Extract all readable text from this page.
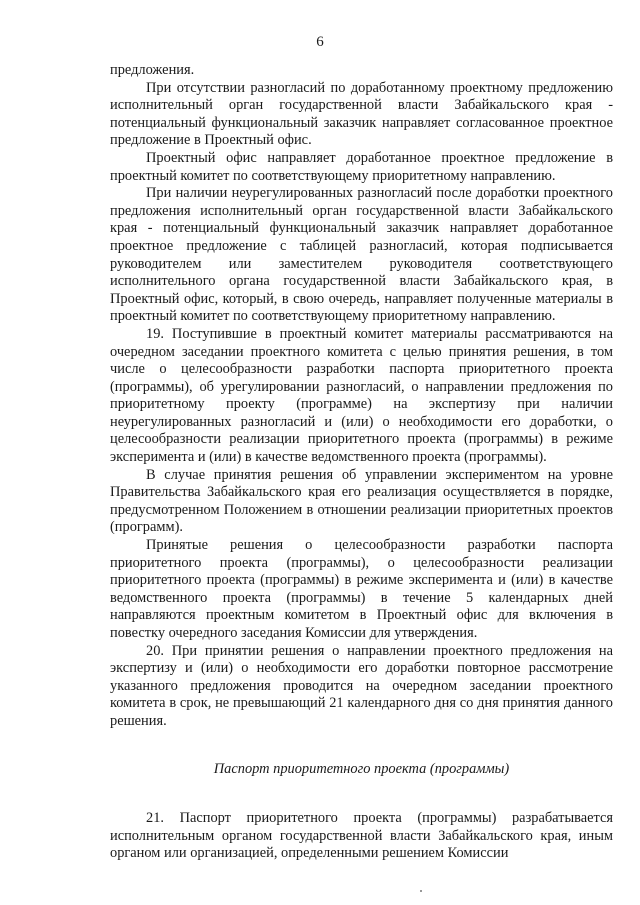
6

предложения.

При отсутствии разногласий по доработанному проектному предложению исполнительный орган государственной власти Забайкальского края - потенциальный функциональный заказчик направляет согласованное проектное предложение в Проектный офис.

Проектный офис направляет доработанное проектное предложение в проектный комитет по соответствующему приоритетному направлению.

При наличии неурегулированных разногласий после доработки проектного предложения исполнительный орган государственной власти Забайкальского края - потенциальный функциональный заказчик направляет доработанное проектное предложение с таблицей разногласий, которая подписывается руководителем или заместителем руководителя соответствующего исполнительного органа государственной власти Забайкальского края, в Проектный офис, который, в свою очередь, направляет полученные материалы в проектный комитет по соответствующему приоритетному направлению.

19. Поступившие в проектный комитет материалы рассматриваются на очередном заседании проектного комитета с целью принятия решения, в том числе о целесообразности разработки паспорта приоритетного проекта (программы), об урегулировании разногласий, о направлении предложения по приоритетному проекту (программе) на экспертизу при наличии неурегулированных разногласий и (или) о необходимости его доработки, о целесообразности реализации приоритетного проекта (программы) в режиме эксперимента и (или) в качестве ведомственного проекта (программы).

В случае принятия решения об управлении экспериментом на уровне Правительства Забайкальского края его реализация осуществляется в порядке, предусмотренном Положением в отношении реализации приоритетных проектов (программ).

Принятые решения о целесообразности разработки паспорта приоритетного проекта (программы), о целесообразности реализации приоритетного проекта (программы) в режиме эксперимента и (или) в качестве ведомственного проекта (программы) в течение 5 календарных дней направляются проектным комитетом в Проектный офис для включения в повестку очередного заседания Комиссии для утверждения.

20. При принятии решения о направлении проектного предложения на экспертизу и (или) о необходимости его доработки повторное рассмотрение указанного предложения проводится на очередном заседании проектного комитета в срок, не превышающий 21 календарного дня со дня принятия данного решения.

Паспорт приоритетного проекта (программы)

21. Паспорт приоритетного проекта (программы) разрабатывается исполнительным органом государственной власти Забайкальского края, иным органом или организацией, определенными решением Комиссии
